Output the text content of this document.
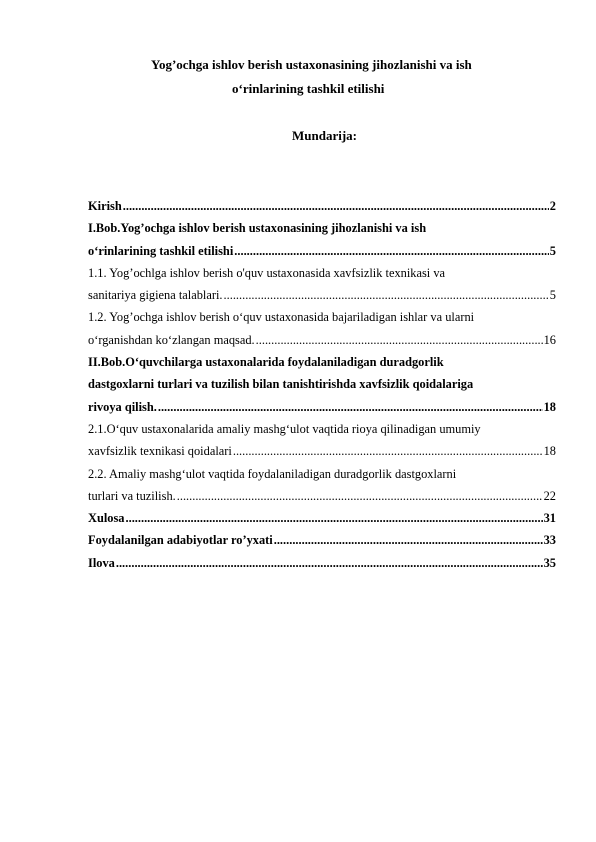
Yog’ochga ishlov berish ustaxonasining jihozlanishi va ish
o‘rinlarining tashkil etilishi
Mundarija:
Kirish .....	2
I.Bob.Yog’ochga ishlov berish ustaxonasining jihozlanishi va ish
o‘rinlarining tashkil etilishi .....	5
1.1. Yog’ochlga ishlov berish o'quv ustaxonasida xavfsizlik texnikasi va
sanitariya gigiena talablari. .....	5
1.2. Yog’ochga ishlov berish o‘quv ustaxonasida bajariladigan ishlar va ularni
o‘rganishdan ko‘zlangan maqsad. .....	16
II.Bob.O‘quvchilarga ustaxonalarida foydalaniladigan duradgorlik
dastgoxlarni turlari va tuzilish bilan tanishtirishda xavfsizlik qoidalariga
rivoya qilish. .....	18
2.1.O‘quv ustaxonalarida amaliy mashg‘ulot vaqtida rioya qilinadigan umumiy
xavfsizlik texnikasi qoidalari .....	18
2.2. Amaliy mashg‘ulot vaqtida foydalaniladigan duradgorlik dastgoxlarni
turlari va tuzilish. .....	22
Xulosa .....	31
Foydalanilgan adabiyotlar ro’yxati .....	33
Ilova .....	35
